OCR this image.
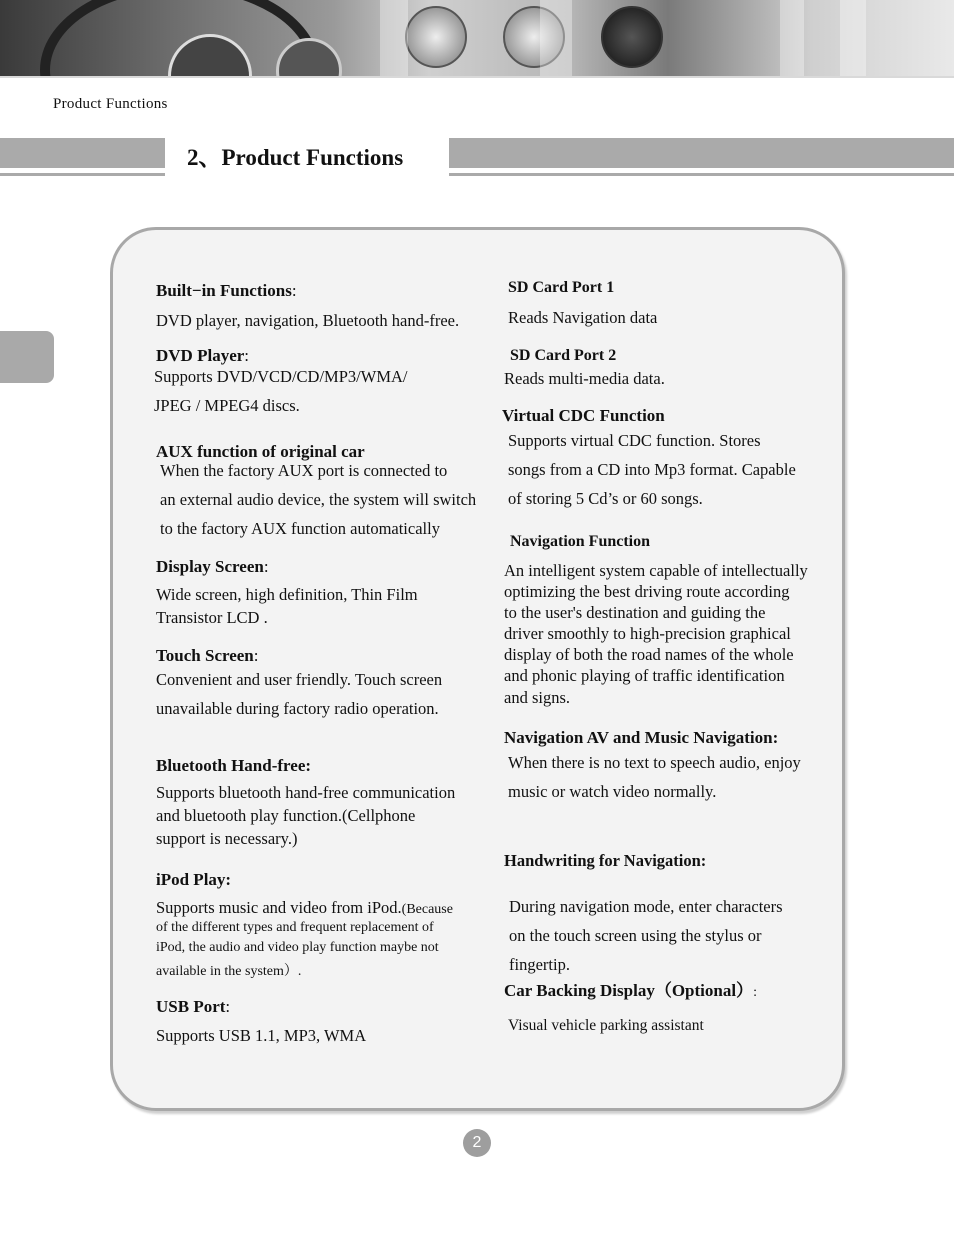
Product Functions
2、Product Functions
Built−in Functions:
DVD player, navigation, Bluetooth hand-free.
DVD Player:
Supports DVD/VCD/CD/MP3/WMA/
JPEG / MPEG4 discs.
AUX function of original car
When the factory AUX port is connected to
an external audio device, the system will switch
to the factory AUX function automatically
Display Screen:
Wide screen, high definition, Thin Film
Transistor LCD .
Touch Screen:
Convenient and user friendly. Touch screen
unavailable during factory radio operation.
Bluetooth Hand-free:
Supports bluetooth hand-free communication
and bluetooth play function.(Cellphone
support is necessary.)
iPod Play:
Supports music and video from iPod.(Because
of the different types and frequent replacement of
iPod, the audio and video play function maybe not
available in the system）.
USB Port:
Supports USB 1.1, MP3, WMA
SD Card Port 1
Reads Navigation data
SD Card Port 2
Reads multi-media data.
Virtual CDC Function
Supports virtual CDC function. Stores
songs from a CD into Mp3 format. Capable
of storing 5 Cd’s or 60 songs.
Navigation Function
An intelligent system capable of intellectually
optimizing the best driving route according
to the user's destination and guiding the
driver smoothly to high-precision graphical
display of both the road names of the whole
and phonic playing of traffic identification
and signs.
Navigation AV and Music Navigation:
When there is no text to speech audio, enjoy
music or watch video normally.
Handwriting for Navigation:
During navigation mode, enter characters
on the touch screen using the stylus or
fingertip.
Car Backing Display（Optional）:
Visual vehicle parking assistant
2
